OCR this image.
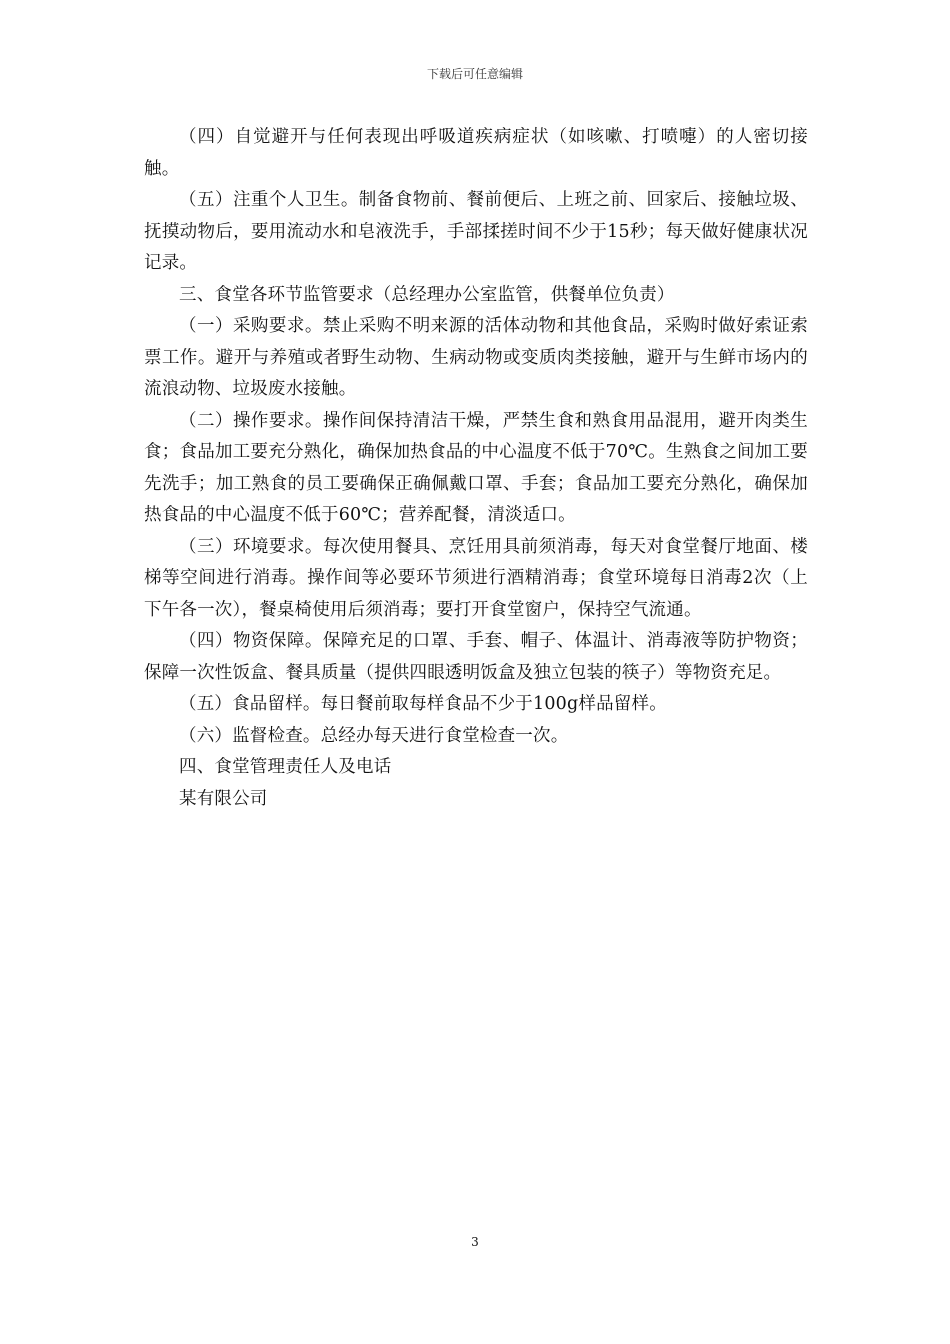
下载后可任意编辑

（四）自觉避开与任何表现出呼吸道疾病症状（如咳嗽、打喷嚏）的人密切接触。

（五）注重个人卫生。制备食物前、餐前便后、上班之前、回家后、接触垃圾、抚摸动物后，要用流动水和皂液洗手，手部揉搓时间不少于15秒；每天做好健康状况记录。

三、食堂各环节监管要求（总经理办公室监管，供餐单位负责）

（一）采购要求。禁止采购不明来源的活体动物和其他食品，采购时做好索证索票工作。避开与养殖或者野生动物、生病动物或变质肉类接触，避开与生鲜市场内的流浪动物、垃圾废水接触。

（二）操作要求。操作间保持清洁干燥，严禁生食和熟食用品混用，避开肉类生食；食品加工要充分熟化，确保加热食品的中心温度不低于70℃。生熟食之间加工要先洗手；加工熟食的员工要确保正确佩戴口罩、手套；食品加工要充分熟化，确保加热食品的中心温度不低于60℃；营养配餐，清淡适口。

（三）环境要求。每次使用餐具、烹饪用具前须消毒，每天对食堂餐厅地面、楼梯等空间进行消毒。操作间等必要环节须进行酒精消毒；食堂环境每日消毒2次（上下午各一次），餐桌椅使用后须消毒；要打开食堂窗户，保持空气流通。

（四）物资保障。保障充足的口罩、手套、帽子、体温计、消毒液等防护物资；保障一次性饭盒、餐具质量（提供四眼透明饭盒及独立包装的筷子）等物资充足。

（五）食品留样。每日餐前取每样食品不少于100g样品留样。

（六）监督检查。总经办每天进行食堂检查一次。

四、食堂管理责任人及电话

某有限公司

3
